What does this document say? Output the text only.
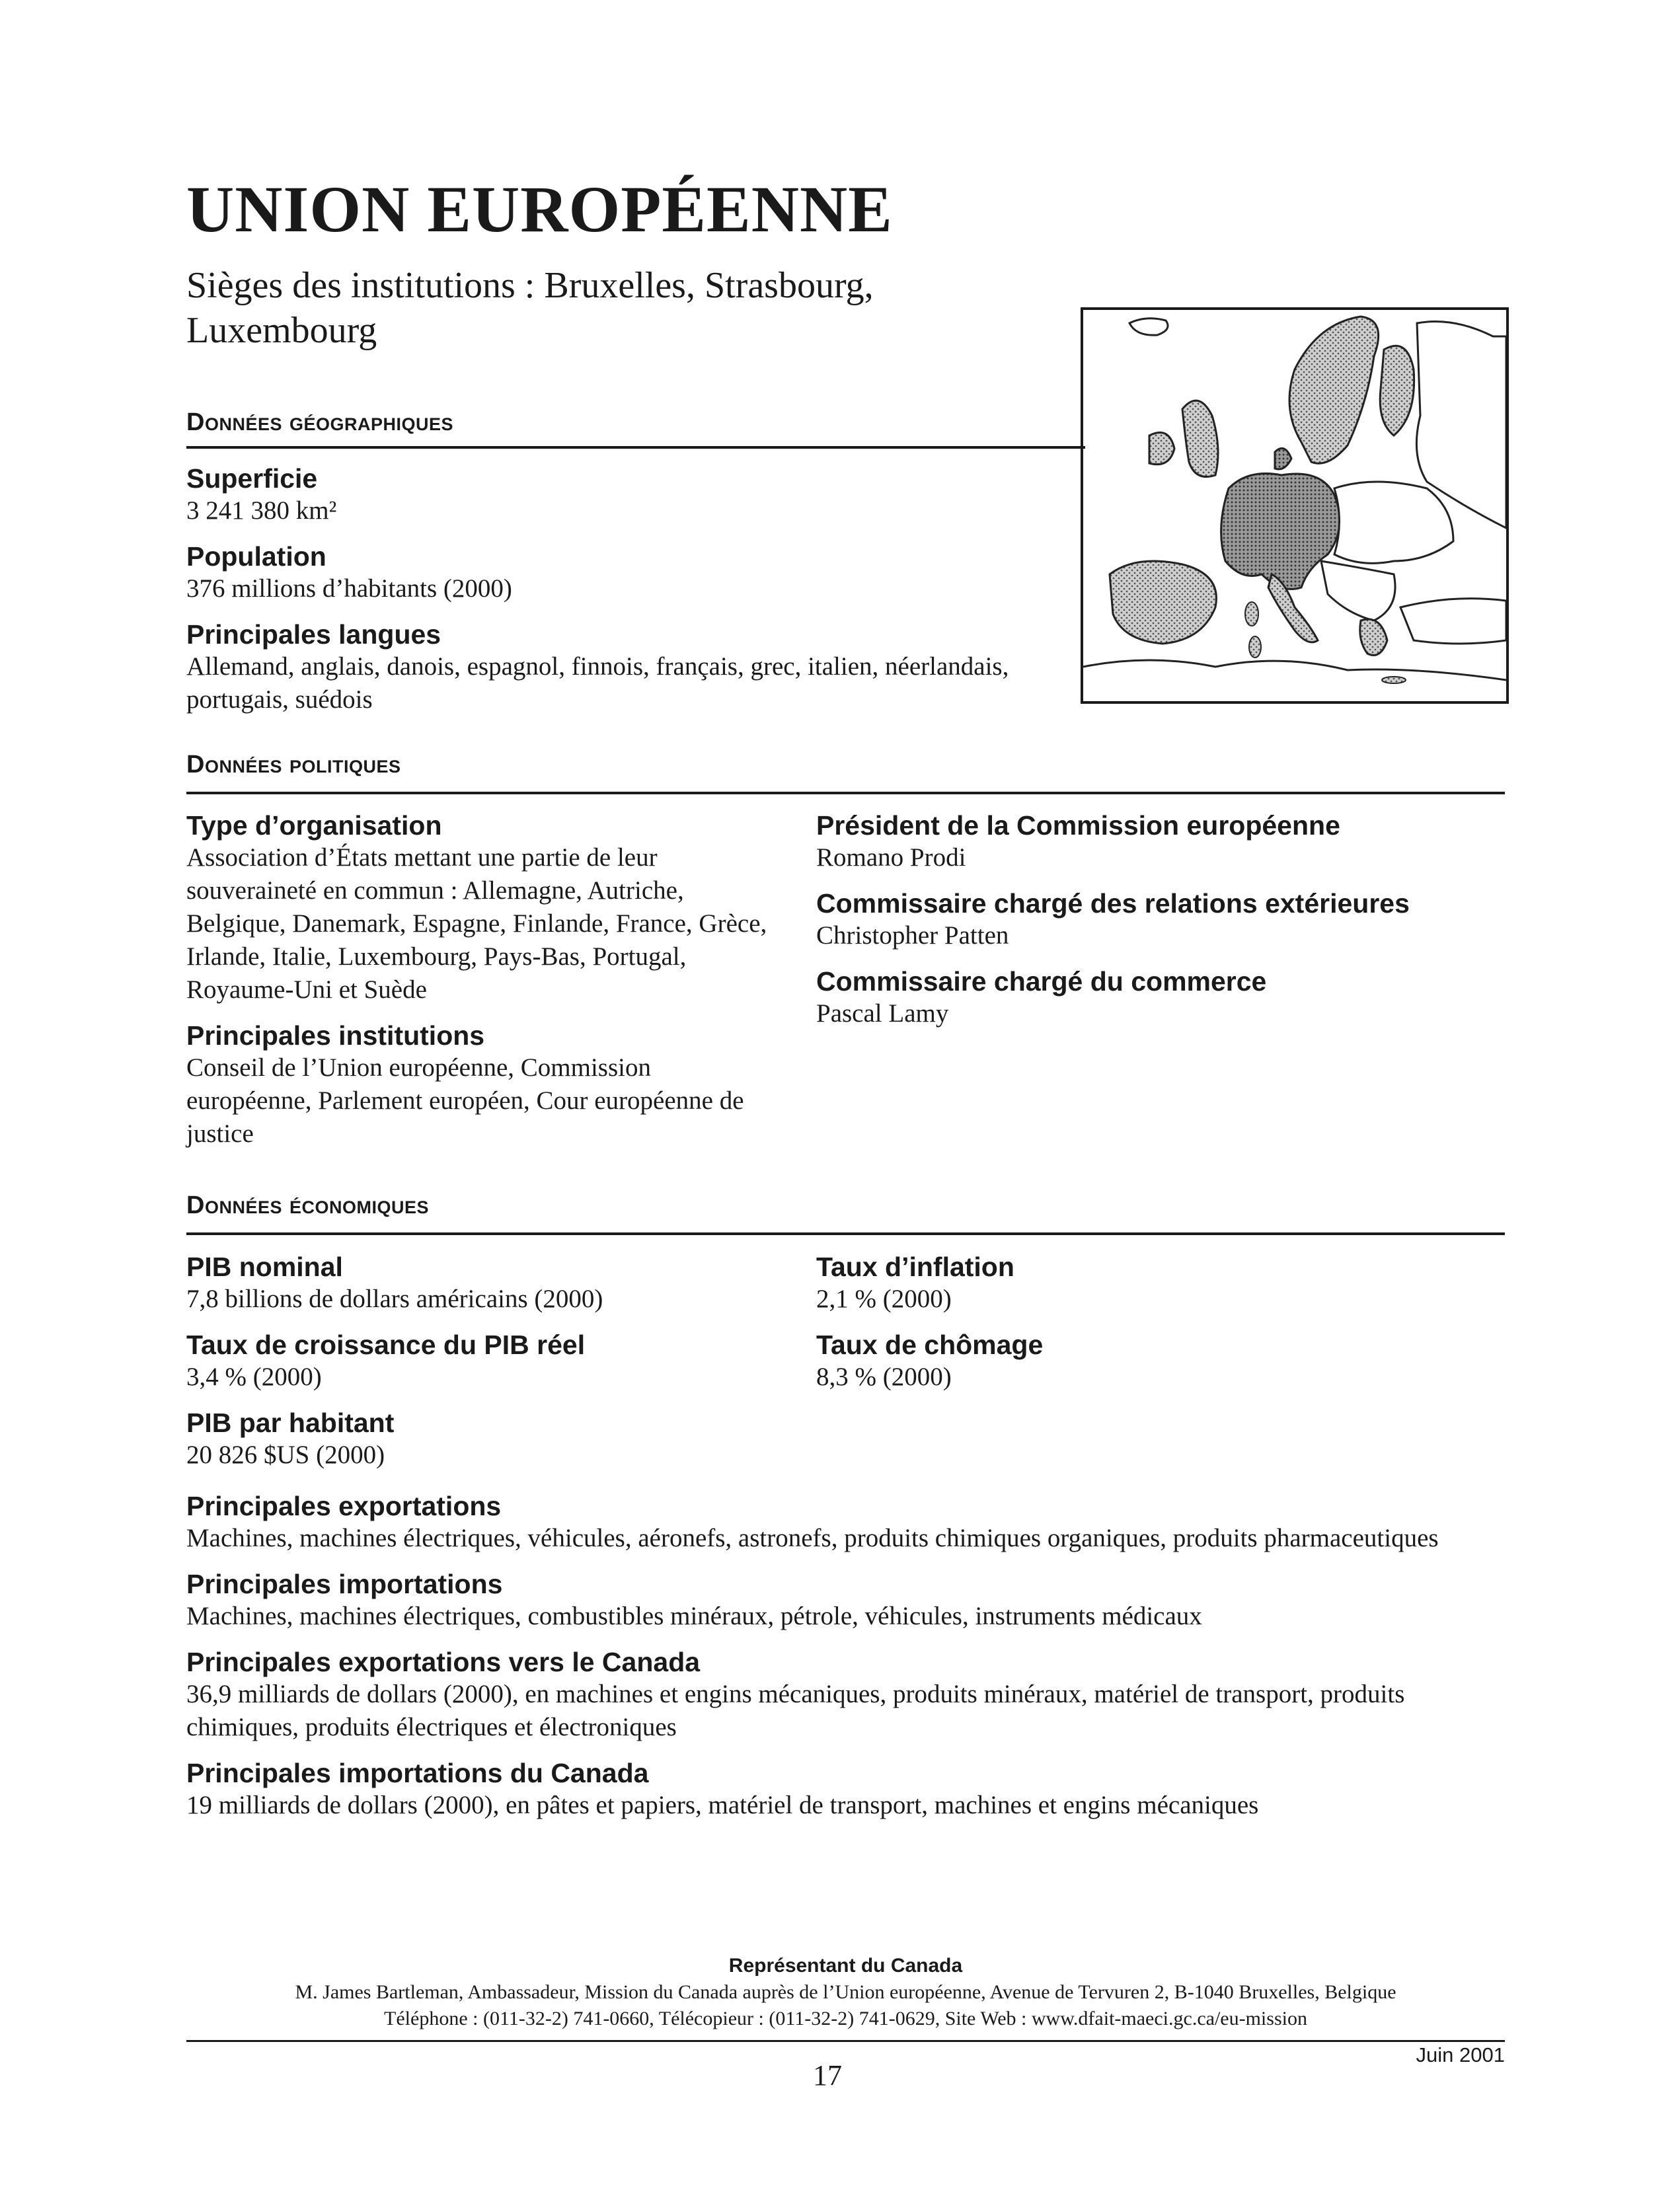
UNION EUROPÉENNE

Sièges des institutions : Bruxelles, Strasbourg, Luxembourg

Données géographiques

Superficie

3 241 380 km²

Population

376 millions d’habitants (2000)

Principales langues

Allemand, anglais, danois, espagnol, finnois, français, grec, italien, néerlandais, portugais, suédois

Données politiques

Type d’organisation

Association d’États mettant une partie de leur souveraineté en commun : Allemagne, Autriche, Belgique, Danemark, Espagne, Finlande, France, Grèce, Irlande, Italie, Luxembourg, Pays-Bas, Portugal, Royaume-Uni et Suède

Principales institutions

Conseil de l’Union européenne, Commission européenne, Parlement européen, Cour européenne de justice

Président de la Commission européenne

Romano Prodi

Commissaire chargé des relations extérieures

Christopher Patten

Commissaire chargé du commerce

Pascal Lamy

Données économiques

PIB nominal

7,8 billions de dollars américains (2000)

Taux de croissance du PIB réel

3,4 % (2000)

PIB par habitant

20 826 $US (2000)

Taux d’inflation

2,1 % (2000)

Taux de chômage

8,3 % (2000)

Principales exportations

Machines, machines électriques, véhicules, aéronefs, astronefs, produits chimiques organiques, produits pharmaceutiques

Principales importations

Machines, machines électriques, combustibles minéraux, pétrole, véhicules, instruments médicaux

Principales exportations vers le Canada

36,9 milliards de dollars (2000), en machines et engins mécaniques, produits minéraux, matériel de transport, produits chimiques, produits électriques et électroniques

Principales importations du Canada

19 milliards de dollars (2000), en pâtes et papiers, matériel de transport, machines et engins mécaniques

Représentant du Canada

M. James Bartleman, Ambassadeur, Mission du Canada auprès de l’Union européenne, Avenue de Tervuren 2, B-1040 Bruxelles, Belgique

Téléphone : (011-32-2) 741-0660, Télécopieur : (011-32-2) 741-0629, Site Web : www.dfait-maeci.gc.ca/eu-mission

Juin 2001
17
